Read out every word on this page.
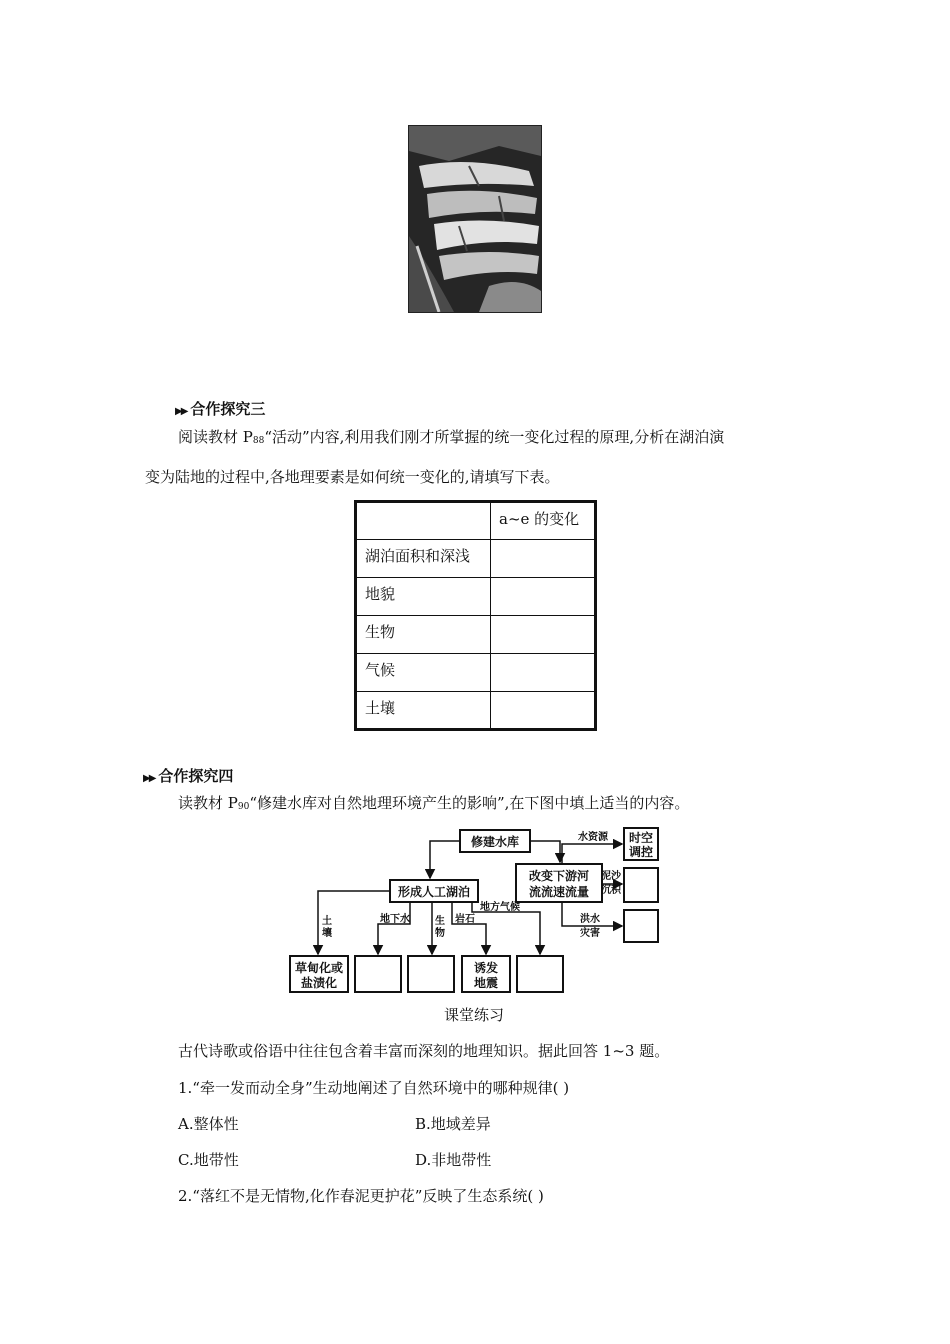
▶▶ 合作探究三
阅读教材 P88“活动”内容,利用我们刚才所掌握的统一变化过程的原理,分析在湖泊演
变为陆地的过程中,各地理要素是如何统一变化的,请填写下表。
	a~e 的变化
湖泊面积和深浅	
地貌	
生物	
气候	
土壤	
▶▶ 合作探究四
读教材 P90“修建水库对自然地理环境产生的影响”,在下图中填上适当的内容。
修建水库
形成人工湖泊
改变下游河
流流速流量
时空
调控
草甸化或
盐渍化
诱发
地震
水资源
泥沙
沉积
洪水
灾害
土
壤
地下水	生
物
岩石
地方气候
课堂练习
古代诗歌或俗语中往往包含着丰富而深刻的地理知识。据此回答 1~3 题。
1.“牵一发而动全身”生动地阐述了自然环境中的哪种规律( )
A.整体性	B.地域差异
C.地带性	D.非地带性
2.“落红不是无情物,化作春泥更护花”反映了生态系统( )
